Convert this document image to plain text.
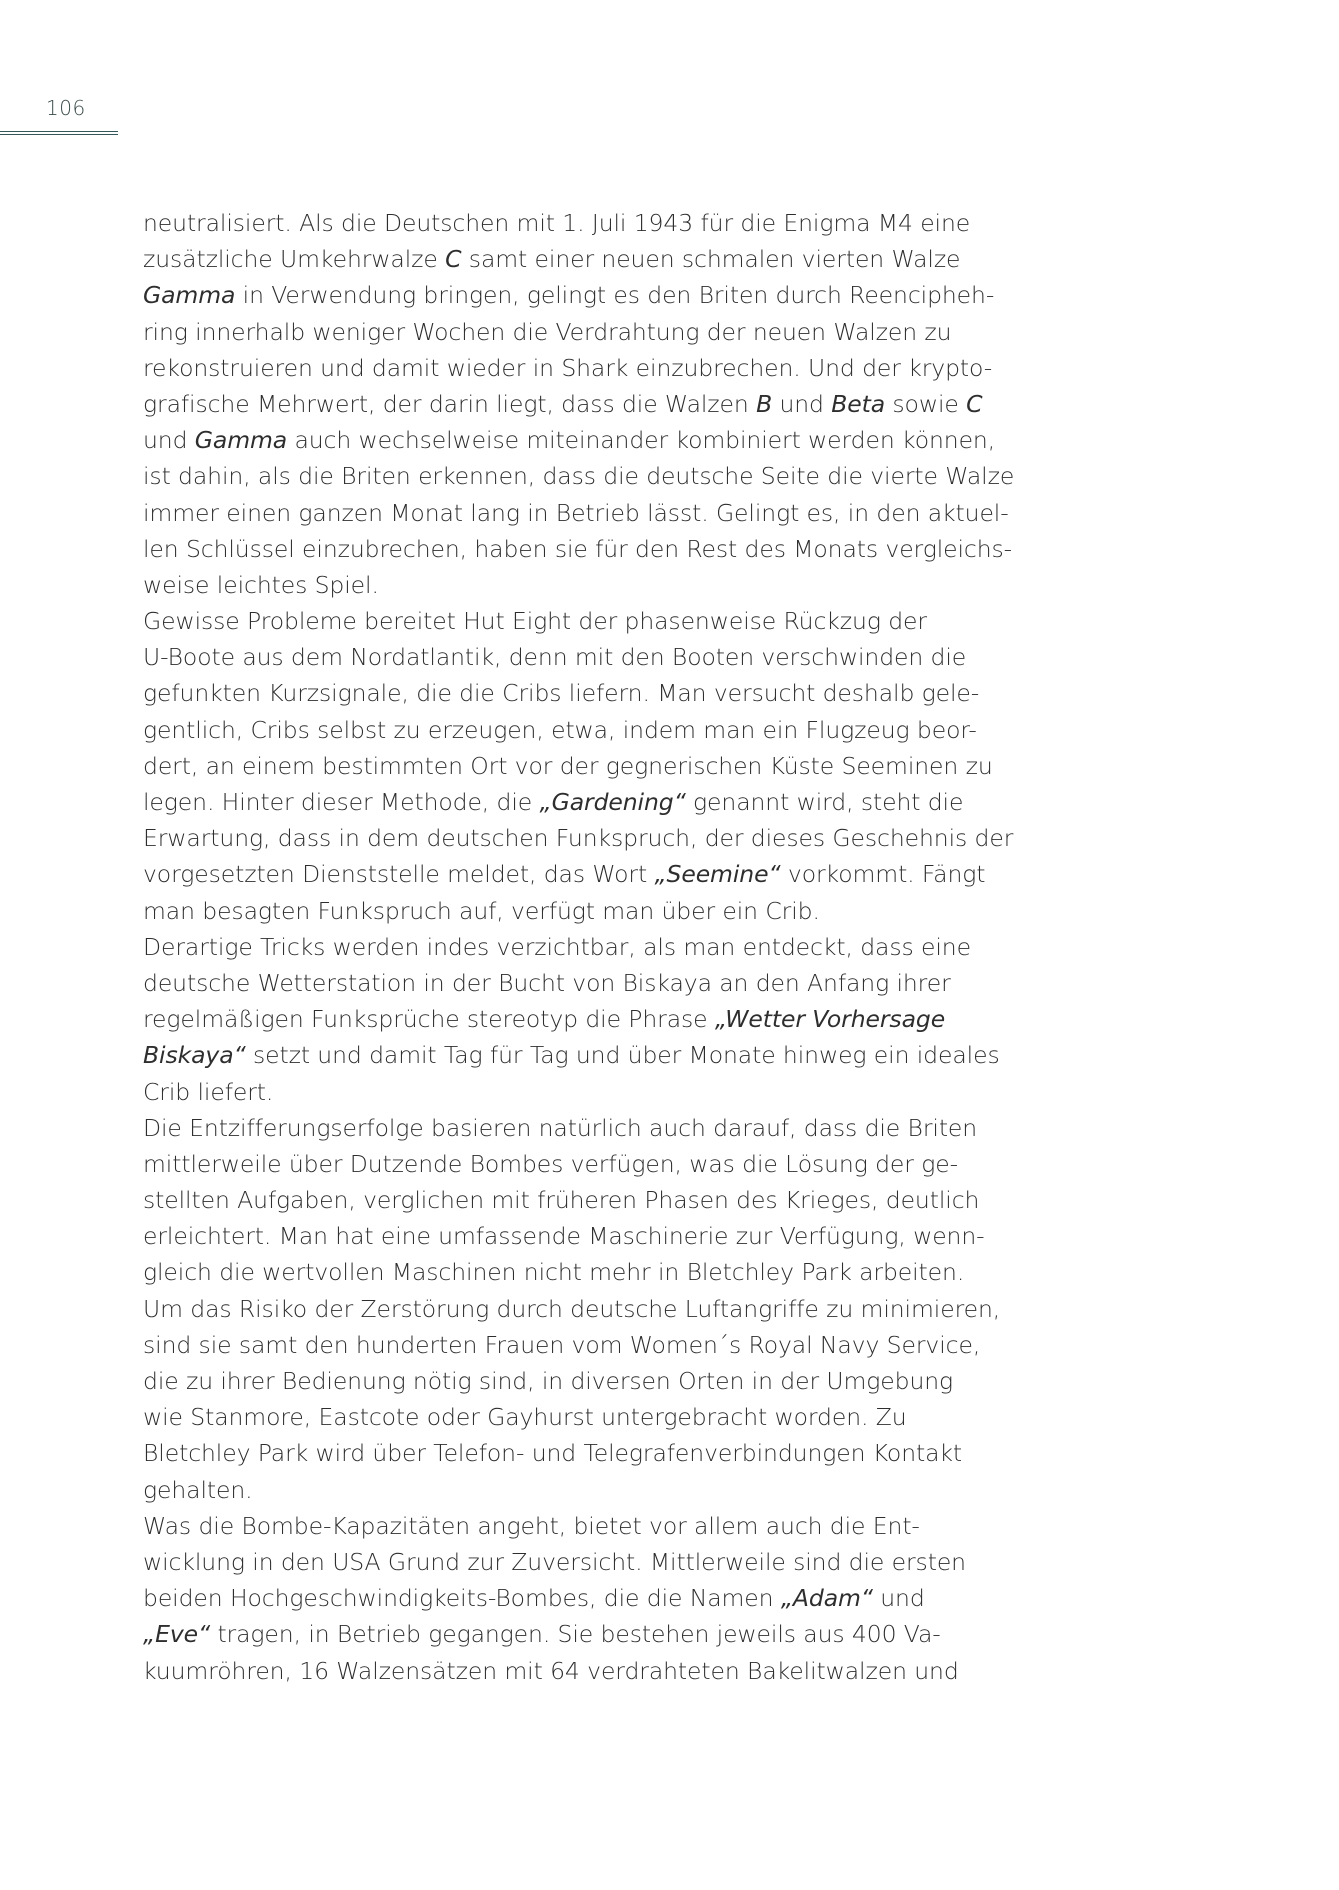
106
neutralisiert. Als die Deutschen mit 1. Juli 1943 für die Enigma M4 eine
zusätzliche Umkehrwalze C samt einer neuen schmalen vierten Walze
Gamma in Verwendung bringen, gelingt es den Briten durch Reencipheh-
ring innerhalb weniger Wochen die Verdrahtung der neuen Walzen zu
rekonstruieren und damit wieder in Shark einzubrechen. Und der krypto-
grafische Mehrwert, der darin liegt, dass die Walzen B und Beta sowie C
und Gamma auch wechselweise miteinander kombiniert werden können,
ist dahin, als die Briten erkennen, dass die deutsche Seite die vierte Walze
immer einen ganzen Monat lang in Betrieb lässt. Gelingt es, in den aktuel-
len Schlüssel einzubrechen, haben sie für den Rest des Monats vergleichs-
weise leichtes Spiel.
Gewisse Probleme bereitet Hut Eight der phasenweise Rückzug der
U-Boote aus dem Nordatlantik, denn mit den Booten verschwinden die
gefunkten Kurzsignale, die die Cribs liefern. Man versucht deshalb gele-
gentlich, Cribs selbst zu erzeugen, etwa, indem man ein Flugzeug beor-
dert, an einem bestimmten Ort vor der gegnerischen Küste Seeminen zu
legen. Hinter dieser Methode, die „Gardening“ genannt wird, steht die
Erwartung, dass in dem deutschen Funkspruch, der dieses Geschehnis der
vorgesetzten Dienststelle meldet, das Wort „Seemine“ vorkommt. Fängt
man besagten Funkspruch auf, verfügt man über ein Crib.
Derartige Tricks werden indes verzichtbar, als man entdeckt, dass eine
deutsche Wetterstation in der Bucht von Biskaya an den Anfang ihrer
regelmäßigen Funksprüche stereotyp die Phrase „Wetter Vorhersage
Biskaya“ setzt und damit Tag für Tag und über Monate hinweg ein ideales
Crib liefert.
Die Entzifferungserfolge basieren natürlich auch darauf, dass die Briten
mittlerweile über Dutzende Bombes verfügen, was die Lösung der ge-
stellten Aufgaben, verglichen mit früheren Phasen des Krieges, deutlich
erleichtert. Man hat eine umfassende Maschinerie zur Verfügung, wenn-
gleich die wertvollen Maschinen nicht mehr in Bletchley Park arbeiten.
Um das Risiko der Zerstörung durch deutsche Luftangriffe zu minimieren,
sind sie samt den hunderten Frauen vom Women´s Royal Navy Service,
die zu ihrer Bedienung nötig sind, in diversen Orten in der Umgebung
wie Stanmore, Eastcote oder Gayhurst untergebracht worden. Zu
Bletchley Park wird über Telefon- und Telegrafenverbindungen Kontakt
gehalten.
Was die Bombe-Kapazitäten angeht, bietet vor allem auch die Ent-
wicklung in den USA Grund zur Zuversicht. Mittlerweile sind die ersten
beiden Hochgeschwindigkeits-Bombes, die die Namen „Adam“ und
„Eve“ tragen, in Betrieb gegangen. Sie bestehen jeweils aus 400 Va-
kuumröhren, 16 Walzensätzen mit 64 verdrahteten Bakelitwalzen und
